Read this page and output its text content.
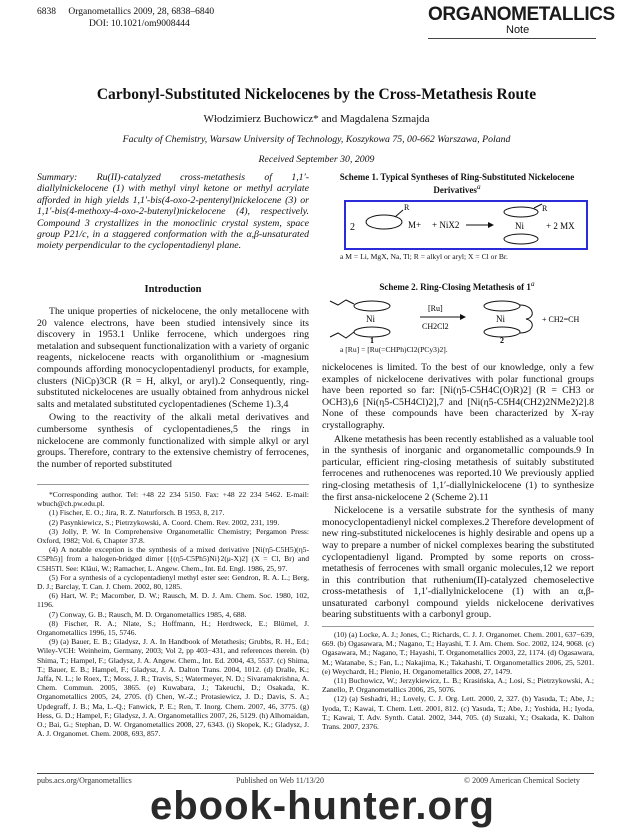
6838 Organometallics 2009, 28, 6838–6840
DOI: 10.1021/om9008444	ORGANOMETALLICS
Note
Carbonyl-Substituted Nickelocenes by the Cross-Metathesis Route
Włodzimierz Buchowicz* and Magdalena Szmajda
Faculty of Chemistry, Warsaw University of Technology, Koszykowa 75, 00-662 Warszawa, Poland
Received September 30, 2009
Summary: Ru(II)-catalyzed cross-metathesis of 1,1′-diallylnickelocene (1) with methyl vinyl ketone or methyl acrylate afforded in high yields 1,1′-bis(4-oxo-2-pentenyl)nickelocene (3) or 1,1′-bis(4-methoxy-4-oxo-2-butenyl)nickelocene (4), respectively. Compound 3 crystallizes in the monoclinic crystal system, space group P21/c, in a staggered conformation with the α,β-unsaturated moiety perpendicular to the cyclopentadienyl plane.
Scheme 1. Typical Syntheses of Ring-Substituted Nickelocene Derivatives$^a$
R
2	M+ + NiX2	Ni
R
+ 2 MX
a M = Li, MgX, Na, Tl; R = alkyl or aryl; X = Cl or Br.
Scheme 2. Ring-Closing Metathesis of 1$^a$
Ni
1
[Ru]
CH2Cl2
Ni
2
+ CH2=CH
a [Ru] = [Ru(=CHPh)Cl2(PCy3)2].
Introduction

The unique properties of nickelocene, the only metallocene with 20 valence electrons, have been studied intensively since its discovery in 1953.1 Unlike ferrocene, which undergoes ring metalation and subsequent functionalization with a variety of organic reagents, nickelocene reacts with organolithium or -magnesium compounds affording monocyclopentadienyl products, for example, clusters (NiCp)3CR (R = H, alkyl, or aryl).2 Consequently, ring-substituted nickelocenes are usually obtained from anhydrous nickel salts and metalated substituted cyclopentadienes (Scheme 1).3,4

Owing to the reactivity of the alkali metal derivatives and cumbersome synthesis of cyclopentadienes,5 the rings in nickelocene are commonly functionalized with simple alkyl or aryl groups. Therefore, contrary to the extensive chemistry of ferrocenes, the number of reported substituted

*Corresponding author. Tel: +48 22 234 5150. Fax: +48 22 234 5462. E-mail: wbuch@ch.pw.edu.pl.

(1) Fischer, E. O.; Jira, R. Z. Naturforsch. B 1953, 8, 217.

(2) Pasynkiewicz, S.; Pietrzykowski, A. Coord. Chem. Rev. 2002, 231, 199.

(3) Jolly, P. W. In Comprehensive Organometallic Chemistry; Pergamon Press: Oxford, 1982; Vol. 6, Chapter 37.8.

(4) A notable exception is the synthesis of a mixed derivative [Ni(η5-C5H5)(η5-C5Ph5)] from a halogen-bridged dimer [{(η5-C5Ph5)Ni}2(μ-X)2] (X = Cl, Br) and C5H5Tl. See: Kläui, W.; Ramacher, L. Angew. Chem., Int. Ed. Engl. 1986, 25, 97.

(5) For a synthesis of a cyclopentadienyl methyl ester see: Gendron, R. A. L.; Berg, D. J.; Barclay, T. Can. J. Chem. 2002, 80, 1285.

(6) Hart, W. P.; Macomber, D. W.; Rausch, M. D. J. Am. Chem. Soc. 1980, 102, 1196.

(7) Conway, G. B.; Rausch, M. D. Organometallics 1985, 4, 688.

(8) Fischer, R. A.; Nlate, S.; Hoffmann, H.; Herdtweck, E.; Blümel, J. Organometallics 1996, 15, 5746.

(9) (a) Bauer, E. B.; Gladysz, J. A. In Handbook of Metathesis; Grubbs, R. H., Ed.; Wiley-VCH: Weinheim, Germany, 2003; Vol 2, pp 403−431, and references therein. (b) Shima, T.; Hampel, F.; Gladysz, J. A. Angew. Chem., Int. Ed. 2004, 43, 5537. (c) Shima, T.; Bauer, E. B.; Hampel, F.; Gladysz, J. A. Dalton Trans. 2004, 1012. (d) Dralle, K.; Jaffa, N. L.; le Roex, T.; Moss, J. R.; Travis, S.; Watermeyer, N. D.; Sivaramakrishna, A. Chem. Commun. 2005, 3865. (e) Kuwabara, J.; Takeuchi, D.; Osakada, K. Organometallics 2005, 24, 2705. (f) Chen, W.-Z.; Protasiewicz, J. D.; Davis, S. A.; Updegraff, J. B.; Ma, L.-Q.; Fanwick, P. E.; Ren, T. Inorg. Chem. 2007, 46, 3775. (g) Hess, G. D.; Hampel, F.; Gladysz, J. A. Organometallics 2007, 26, 5129. (h) Alhomaidan, O.; Bai, G.; Stephan, D. W. Organometallics 2008, 27, 6343. (i) Skopek, K.; Gladysz, J. A. J. Organomet. Chem. 2008, 693, 857.

nickelocenes is limited. To the best of our knowledge, only a few examples of nickelocene derivatives with polar functional groups have been reported so far: [Ni(η5-C5H4C(O)R)2] (R = CH3 or OCH3),6 [Ni(η5-C5H4Cl)2],7 and [Ni(η5-C5H4(CH2)2NMe2)2].8 None of these compounds have been characterized by X-ray crystallography.

Alkene metathesis has been recently established as a valuable tool in the synthesis of inorganic and organometallic compounds.9 In particular, efficient ring-closing metathesis of suitably substituted ferrocenes and ruthenocenes was reported.10 We previously applied ring-closing metathesis of 1,1′-diallylnickelocene (1) to synthesize the first ansa-nickelocene 2 (Scheme 2).11

Nickelocene is a versatile substrate for the synthesis of many monocyclopentadienyl nickel complexes.2 Therefore development of new ring-substituted nickelocenes is highly desirable and opens up a way to prepare a number of nickel complexes bearing the substituted cyclopentadienyl ligand. Prompted by some reports on cross-metathesis of ferrocenes with small organic molecules,12 we report in this contribution that ruthenium(II)-catalyzed chemoselective cross-metathesis of 1,1′-diallylnickelocene (1) with an α,β-unsaturated carbonyl compound yields nickelocene derivatives bearing substituents with a carbonyl group.

(10) (a) Locke, A. J.; Jones, C.; Richards, C. J. J. Organomet. Chem. 2001, 637−639, 669. (b) Ogasawara, M.; Nagano, T.; Hayashi, T. J. Am. Chem. Soc. 2002, 124, 9068. (c) Ogasawara, M.; Nagano, T.; Hayashi, T. Organometallics 2003, 22, 1174. (d) Ogasawara, M.; Watanabe, S.; Fan, L.; Nakajima, K.; Takahashi, T. Organometallics 2006, 25, 5201. (e) Weychardt, H.; Plenio, H. Organometallics 2008, 27, 1479.

(11) Buchowicz, W.; Jerzykiewicz, L. B.; Krasińska, A.; Losi, S.; Pietrzykowski, A.; Zanello, P. Organometallics 2006, 25, 5076.

(12) (a) Seshadri, H.; Lovely, C. J. Org. Lett. 2000, 2, 327. (b) Yasuda, T.; Abe, J.; Iyoda, T.; Kawai, T. Chem. Lett. 2001, 812. (c) Yasuda, T.; Abe, J.; Yoshida, H.; Iyoda, T.; Kawai, T. Adv. Synth. Catal. 2002, 344, 705. (d) Suzaki, Y.; Osakada, K. Dalton Trans. 2007, 2376.

pubs.acs.org/Organometallics	Published on Web 11/13/20	© 2009 American Chemical Society
ebook-hunter.org
